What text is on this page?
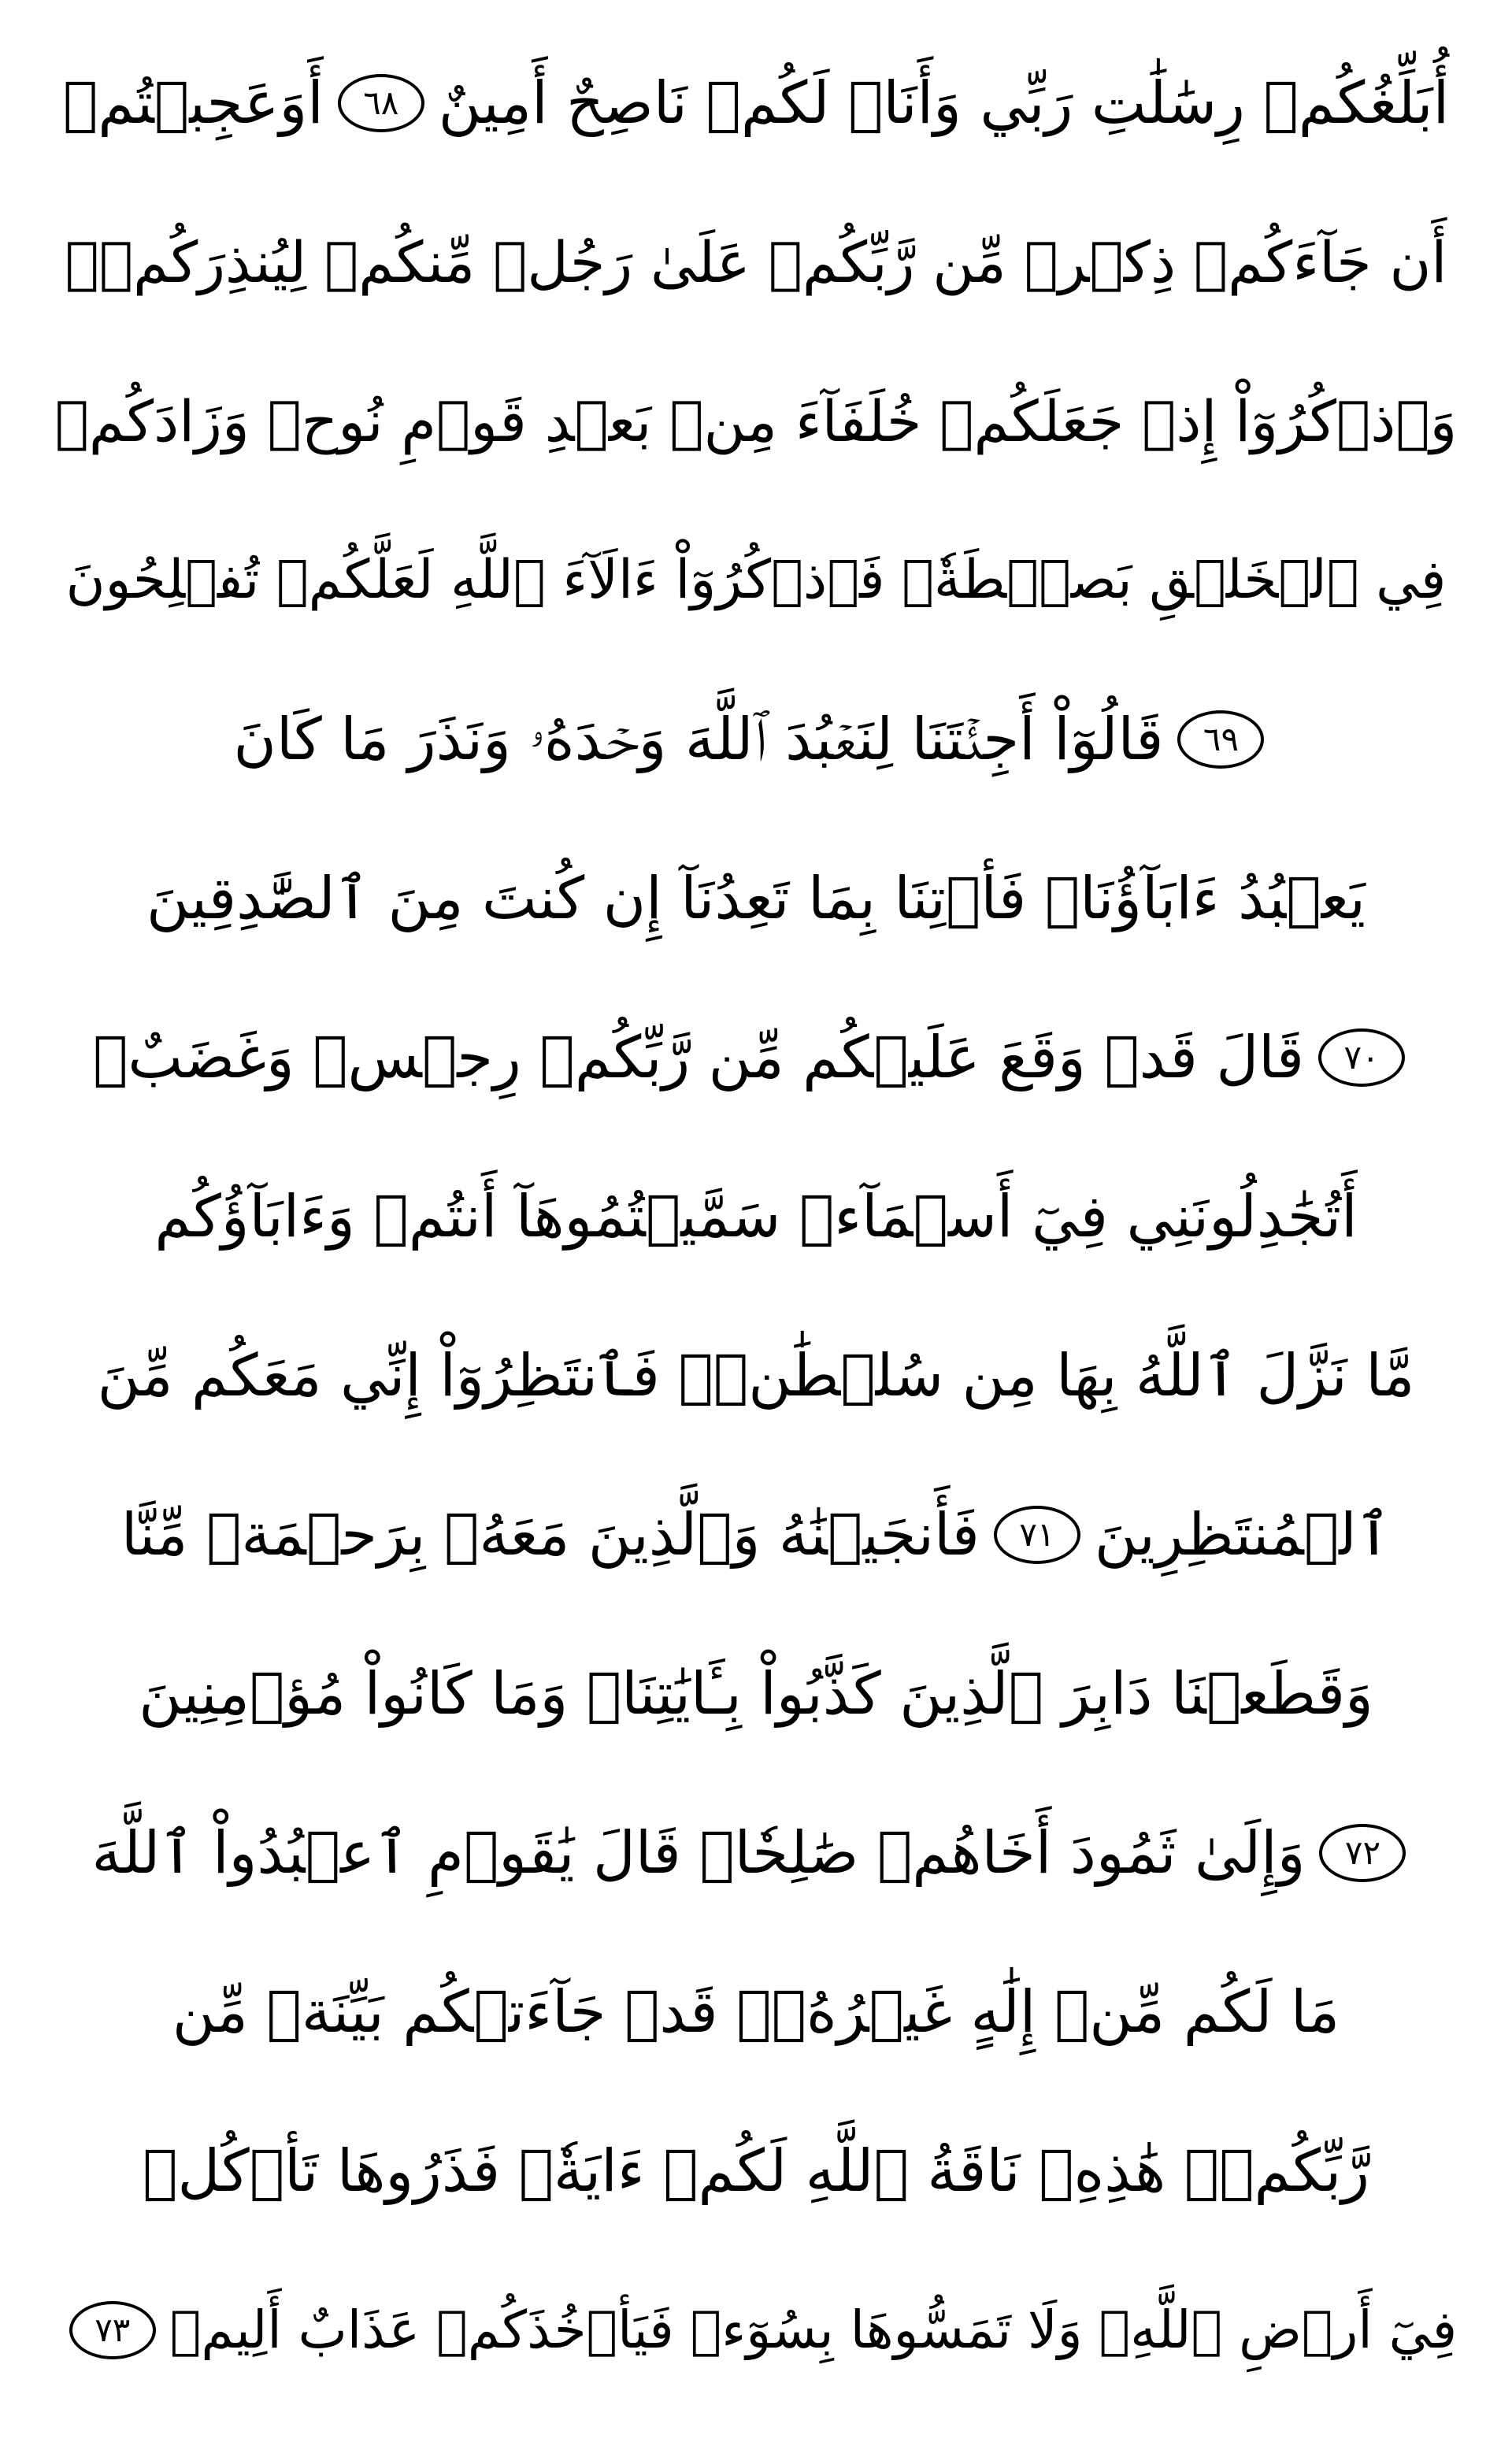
أُبَلِّغُكُمۡ رِسَٰلَٰتِ رَبِّي وَأَنَا۠ لَكُمۡ نَاصِحٌ أَمِينٌ
٦٨
أَوَعَجِبۡتُمۡ
أَن جَآءَكُمۡ ذِكۡرٞ مِّن رَّبِّكُمۡ عَلَىٰ رَجُلٖ مِّنكُمۡ لِيُنذِرَكُمۡۚ
وَٱذۡكُرُوٓاْ إِذۡ جَعَلَكُمۡ خُلَفَآءَ مِنۢ بَعۡدِ قَوۡمِ نُوحٖ وَزَادَكُمۡ
فِي ٱلۡخَلۡقِ بَصۜۡطَةٗۖ فَٱذۡكُرُوٓاْ ءَالَآءَ ٱللَّهِ لَعَلَّكُمۡ تُفۡلِحُونَ
٦٩
قَالُوٓاْ أَجِئۡتَنَا لِنَعۡبُدَ ٱللَّهَ وَحۡدَهُۥ وَنَذَرَ مَا كَانَ
يَعۡبُدُ ءَابَآؤُنَاۖ فَأۡتِنَا بِمَا تَعِدُنَآ إِن كُنتَ مِنَ ٱلصَّٰدِقِينَ
٧٠
قَالَ قَدۡ وَقَعَ عَلَيۡكُم مِّن رَّبِّكُمۡ رِجۡسٞ وَغَضَبٌۖ
أَتُجَٰدِلُونَنِي فِيٓ أَسۡمَآءٖ سَمَّيۡتُمُوهَآ أَنتُمۡ وَءَابَآؤُكُم
مَّا نَزَّلَ ٱللَّهُ بِهَا مِن سُلۡطَٰنٖۚ فَٱنتَظِرُوٓاْ إِنِّي مَعَكُم مِّنَ
ٱلۡمُنتَظِرِينَ
٧١
فَأَنجَيۡنَٰهُ وَٱلَّذِينَ مَعَهُۥ بِرَحۡمَةٖ مِّنَّا
وَقَطَعۡنَا دَابِرَ ٱلَّذِينَ كَذَّبُواْ بِـَٔايَٰتِنَاۖ وَمَا كَانُواْ مُؤۡمِنِينَ
٧٢
وَإِلَىٰ ثَمُودَ أَخَاهُمۡ صَٰلِحٗاۗ قَالَ يَٰقَوۡمِ ٱعۡبُدُواْ ٱللَّهَ
مَا لَكُم مِّنۡ إِلَٰهٍ غَيۡرُهُۥۖ قَدۡ جَآءَتۡكُم بَيِّنَةٞ مِّن
رَّبِّكُمۡۖ هَٰذِهِۦ نَاقَةُ ٱللَّهِ لَكُمۡ ءَايَةٗۖ فَذَرُوهَا تَأۡكُلۡ
فِيٓ أَرۡضِ ٱللَّهِۖ وَلَا تَمَسُّوهَا بِسُوٓءٖ فَيَأۡخُذَكُمۡ عَذَابٌ أَلِيمٞ
٧٣
